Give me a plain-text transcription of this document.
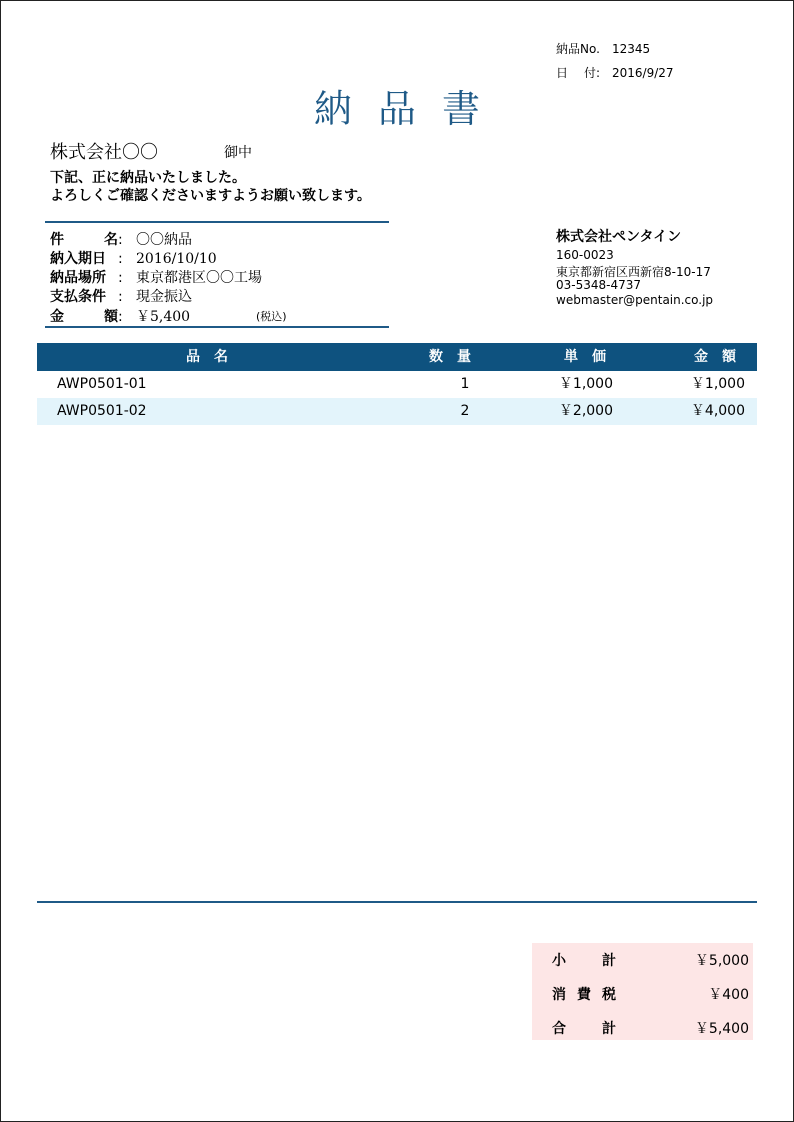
納品No. 12345
日 付: 2016/9/27
納品書
株式会社〇〇	御中
下記、正に納品いたしました。
よろしくご確認くださいますようお願い致します。
件	名 : 〇〇納品
納入期日 : 2016/10/10
納品場所 : 東京都港区〇〇工場
支払条件 : 現金振込
金	額 : ￥5,400	(税込)
株式会社ペンタイン
160-0023
東京都新宿区西新宿8-10-17
03-5348-4737
webmaster@pentain.co.jp
品　名	数　量	単　価	金　額
AWP0501-01	1	￥1,000	￥1,000
AWP0501-02	2	￥2,000	￥4,000
小	計	￥5,000
消 費 税	￥400
合	計	￥5,400
